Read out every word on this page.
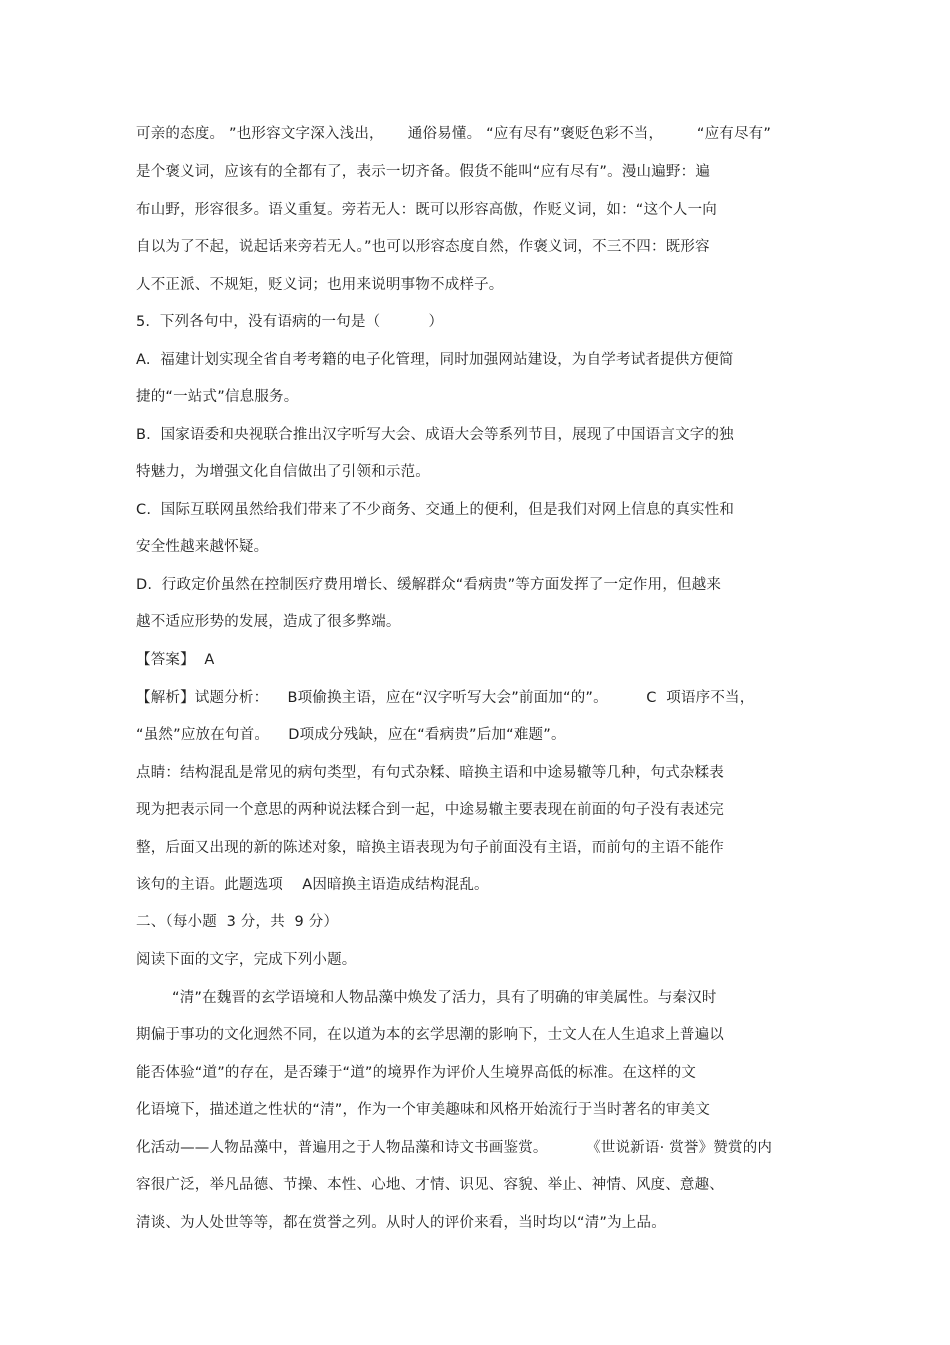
可亲的态度。 ”也形容文字深入浅出，     通俗易懂。 “应有尽有”褒贬色彩不当，       “应有尽有”
是个褒义词，应该有的全都有了，表示一切齐备。假货不能叫“应有尽有”。漫山遍野：遍
布山野，形容很多。语义重复。旁若无人：既可以形容高傲，作贬义词，如：“这个人一向
自以为了不起，说起话来旁若无人。”也可以形容态度自然，作褒义词，不三不四：既形容
人不正派、不规矩，贬义词；也用来说明事物不成样子。
5.  下列各句中，没有语病的一句是（          ）
A.  福建计划实现全省自考考籍的电子化管理，同时加强网站建设，为自学考试者提供方便简
捷的“一站式”信息服务。
B.  国家语委和央视联合推出汉字听写大会、成语大会等系列节目，展现了中国语言文字的独
特魅力，为增强文化自信做出了引领和示范。
C.  国际互联网虽然给我们带来了不少商务、交通上的便利，但是我们对网上信息的真实性和
安全性越来越怀疑。
D.  行政定价虽然在控制医疗费用增长、缓解群众“看病贵”等方面发挥了一定作用，但越来
越不适应形势的发展，造成了很多弊端。
【答案】  A
【解析】试题分析：    B项偷换主语，应在“汉字听写大会”前面加“的”。        C  项语序不当，
“虽然”应放在句首。    D项成分残缺，应在“看病贵”后加“难题”。
点睛：结构混乱是常见的病句类型，有句式杂糅、暗换主语和中途易辙等几种，句式杂糅表
现为把表示同一个意思的两种说法糅合到一起，中途易辙主要表现在前面的句子没有表述完
整，后面又出现的新的陈述对象，暗换主语表现为句子前面没有主语，而前句的主语不能作
该句的主语。此题选项    A因暗换主语造成结构混乱。
二、（每小题  3 分，共  9 分）
阅读下面的文字，完成下列小题。
“清”在魏晋的玄学语境和人物品藻中焕发了活力，具有了明确的审美属性。与秦汉时
期偏于事功的文化迥然不同，在以道为本的玄学思潮的影响下，士文人在人生追求上普遍以
能否体验“道”的存在，是否臻于“道”的境界作为评价人生境界高低的标准。在这样的文
化语境下，描述道之性状的“清”，作为一个审美趣味和风格开始流行于当时著名的审美文
化活动——人物品藻中，普遍用之于人物品藻和诗文书画鉴赏。        《世说新语· 赏誉》赞赏的内
容很广泛，举凡品德、节操、本性、心地、才情、识见、容貌、举止、神情、风度、意趣、
清谈、为人处世等等，都在赏誉之列。从时人的评价来看，当时均以“清”为上品。
